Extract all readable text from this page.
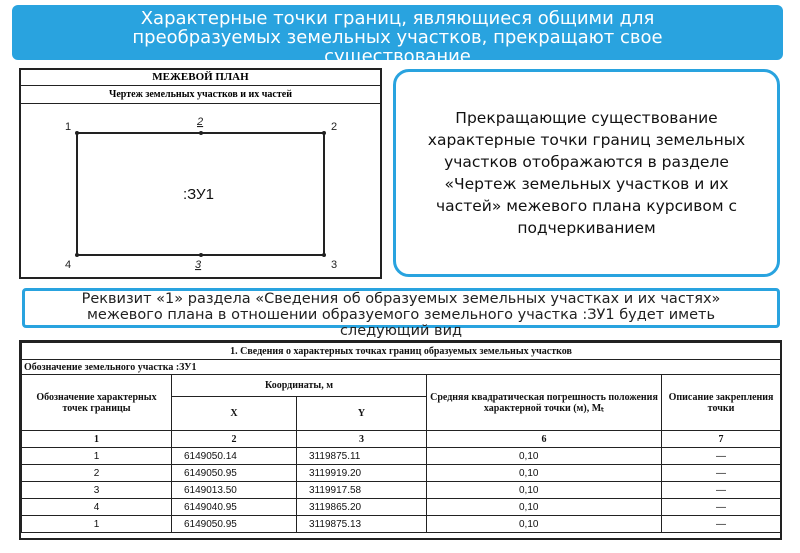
Характерные точки границ, являющиеся общими для
преобразуемых земельных участков, прекращают свое
существование
МЕЖЕВОЙ ПЛАН
Чертеж земельных участков и их частей
1	2	2
4	3	3
:ЗУ1
Прекращающие существование характерные точки границ земельных участков отображаются в разделе «Чертеж земельных участков и их частей» межевого плана курсивом с подчеркиванием
Реквизит «1» раздела «Сведения об образуемых земельных участках и их частях»
межевого плана в отношении образуемого земельного участка :ЗУ1 будет иметь
следующий вид
1. Сведения о характерных точках границ образуемых земельных участков				
Обозначение земельного участка :ЗУ1				
Обозначение характерных точек границы	Координаты, м		Средняя квадратическая погрешность положения характерной точки (м), Mₜ	Описание закрепления точки
	X	Y		
1	2	3	6	7
1	6149050.14	3119875.11	0,10	—
2	6149050.95	3119919.20	0,10	—
3	6149013.50	3119917.58	0,10	—
4	6149040.95	3119865.20	0,10	—
1	6149050.95	3119875.13	0,10	—
